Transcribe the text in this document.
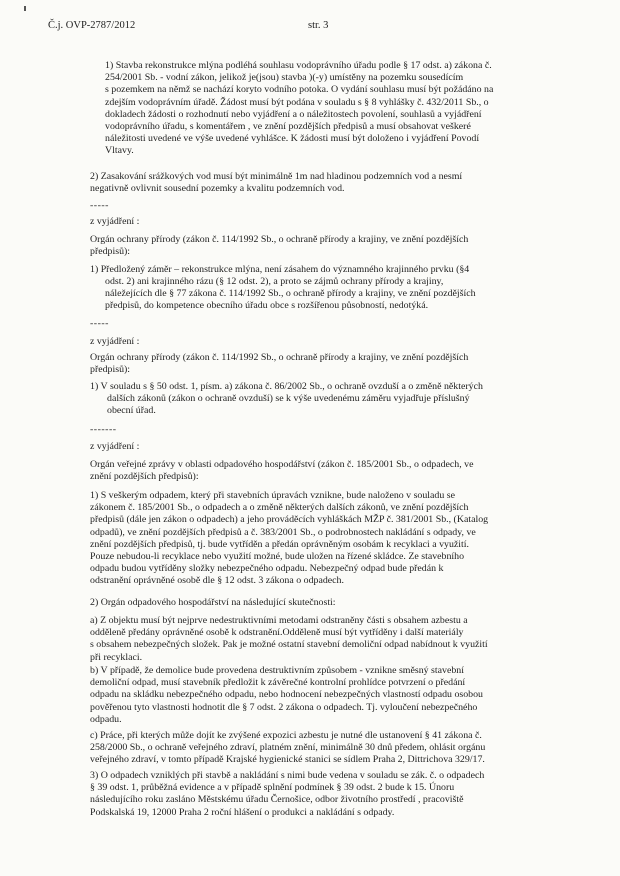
Č.j. OVP-2787/2012	str. 3
1) Stavba rekonstrukce mlýna podléhá souhlasu vodoprávního úřadu podle § 17 odst. a) zákona č.
254/2001 Sb. - vodní zákon, jelikož je(jsou) stavba )(-y) umístěny na pozemku sousedícím
s pozemkem na němž se nachází koryto vodního potoka. O vydání souhlasu musí být požádáno na
zdejším vodoprávním úřadě. Žádost musí být podána v souladu s § 8 vyhlášky č. 432/2011 Sb., o
dokladech žádosti o rozhodnutí nebo vyjádření a o náležitostech povolení, souhlasů a vyjádření
vodoprávního úřadu, s komentářem , ve znění pozdějších předpisů a musí obsahovat veškeré
náležitosti uvedené ve výše uvedené vyhlášce. K žádosti musí být doloženo i vyjádření Povodí
Vltavy.
2) Zasakování srážkových vod musí být minimálně 1m nad hladinou podzemních vod a nesmí
negativně ovlivnit sousední pozemky a kvalitu podzemních vod.
-----
z vyjádření :
Orgán ochrany přírody (zákon č. 114/1992 Sb., o ochraně přírody a krajiny, ve znění pozdějších
předpisů):
1) Předložený záměr – rekonstrukce mlýna, není zásahem do významného krajinného prvku (§4
odst. 2) ani krajinného rázu (§ 12 odst. 2), a proto se zájmů ochrany přírody a krajiny,
náležejících dle § 77 zákona č. 114/1992 Sb., o ochraně přírody a krajiny, ve znění pozdějších
předpisů, do kompetence obecního úřadu obce s rozšířenou působností, nedotýká.
-----
z vyjádření :
Orgán ochrany přírody (zákon č. 114/1992 Sb., o ochraně přírody a krajiny, ve znění pozdějších
předpisů):
1) V souladu s § 50 odst. 1, písm. a) zákona č. 86/2002 Sb., o ochraně ovzduší a o změně některých
dalších zákonů (zákon o ochraně ovzduší) se k výše uvedenému záměru vyjadřuje příslušný
obecní úřad.
-------
z vyjádření :
Orgán veřejné zprávy v oblasti odpadového hospodářství (zákon č. 185/2001 Sb., o odpadech, ve
znění pozdějších předpisů):
1) S veškerým odpadem, který při stavebních úpravách vznikne, bude naloženo v souladu se
zákonem č. 185/2001 Sb., o odpadech a o změně některých dalších zákonů, ve znění pozdějších
předpisů (dále jen zákon o odpadech) a jeho prováděcích vyhláškách MŽP č. 381/2001 Sb., (Katalog
odpadů), ve znění pozdějších předpisů a č. 383/2001 Sb., o podrobnostech nakládání s odpady, ve
znění pozdějších předpisů, tj. bude vytříděn a předán oprávněným osobám k recyklaci a využití.
Pouze nebudou-li recyklace nebo využití možné, bude uložen na řízené skládce. Ze stavebního
odpadu budou vytříděny složky nebezpečného odpadu. Nebezpečný odpad bude předán k
odstranění oprávněné osobě dle § 12 odst. 3 zákona o odpadech.
2) Orgán odpadového hospodářství na následující skutečnosti:
a) Z objektu musí být nejprve nedestruktivními metodami odstraněny části s obsahem azbestu a
odděleně předány oprávněné osobě k odstranění.Odděleně musí být vytříděny i další materiály
s obsahem nebezpečných složek. Pak je možné ostatní stavební demoliční odpad nabídnout k využití
při recyklaci.
b) V případě, že demolice bude provedena destruktivním způsobem - vznikne směsný stavební
demoliční odpad, musí stavebník předložit k závěrečné kontrolní prohlídce potvrzení o předání
odpadu na skládku nebezpečného odpadu, nebo hodnocení nebezpečných vlastností odpadu osobou
pověřenou tyto vlastnosti hodnotit dle § 7 odst. 2 zákona o odpadech. Tj. vyloučení nebezpečného
odpadu.
c) Práce, při kterých může dojít ke zvýšené expozici azbestu je nutné dle ustanovení § 41 zákona č.
258/2000 Sb., o ochraně veřejného zdraví, platném znění, minimálně 30 dnů předem, ohlásit orgánu
veřejného zdraví, v tomto případě Krajské hygienické stanici se sídlem Praha 2, Dittrichova 329/17.
3) O odpadech vzniklých při stavbě a nakládání s nimi bude vedena v souladu se zák. č. o odpadech
§ 39 odst. 1, průběžná evidence a v případě splnění podmínek § 39 odst. 2 bude k 15. Únoru
následujícího roku zasláno Městskému úřadu Černošice, odbor životního prostředí , pracoviště
Podskalská 19, 12000 Praha 2 roční hlášení o produkci a nakládání s odpady.
